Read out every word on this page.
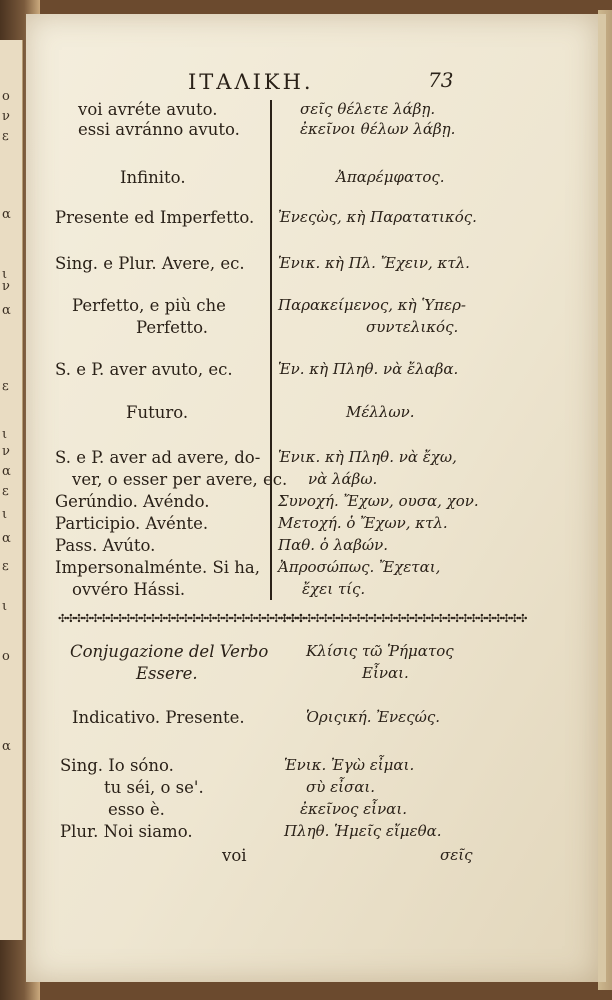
ο
ν
ε
α
ι
ν
α
ε
ι
ν
α
ε
ι
α
ε
ι
ο
α
ΙΤΑΛΙΚΗ.	73
voi avréte avuto.
essi avránno avuto.
Infinito.
Presente ed Imperfetto.
Sing. e Plur. Avere, ec.
Perfetto, e più che
Perfetto.
S. e P. aver avuto, ec.
Futuro.
S. e P. aver ad avere, do-
ver, o esser per avere, ec.
Gerúndio. Avéndo.
Participio. Avénte.
Pass. Avúto.
Impersonalménte. Si ha,
ovvéro Hássi.
✣✣✣✣✣✣✣✣✣✣✣✣✣✣✣✣✣✣✣✣✣✣✣✣✣✣✣✣✣✣
✣✣✣✣✣✣✣✣✣✣✣✣✣✣✣✣✣✣✣✣✣✣✣✣✣✣✣✣✣✣
Conjugazione del Verbo
Essere.
Indicativo. Presente.
Sing. Io sóno.
tu séi, o se'.
esso è.
Plur. Noi siamo.
voi
σεῖς θέλετε λάβῃ.
ἐκεῖνοι θέλων λάβῃ.
Ἀπαρέμφατος.
Ἐνεςὼς, κὴ Παρατατικός.
Ἑνικ. κὴ Πλ. Ἔχειν, κτλ.
Παρακείμενος, κὴ Ὑπερ-
συντελικός.
Ἑν. κὴ Πληθ. νὰ ἔλαβα.
Μέλλων.
Ἑνικ. κὴ Πληθ. νὰ ἔχω,
νὰ λάβω.
Συνοχή. Ἔχων, ουσα, χον.
Μετοχή. ὁ Ἔχων, κτλ.
Παθ. ὁ λαβών.
Ἀπροσώπως. Ἔχεται,
ἔχει τίς.
Κλίσις τῶ Ῥήματος
Εἶναι.
Ὁριςική. Ἐνεςώς.
Ἑνικ. Ἐγὼ εἶμαι.
σὺ εἶσαι.
ἐκεῖνος εἶναι.
Πληθ. Ἡμεῖς εἴμεθα.
σεῖς
